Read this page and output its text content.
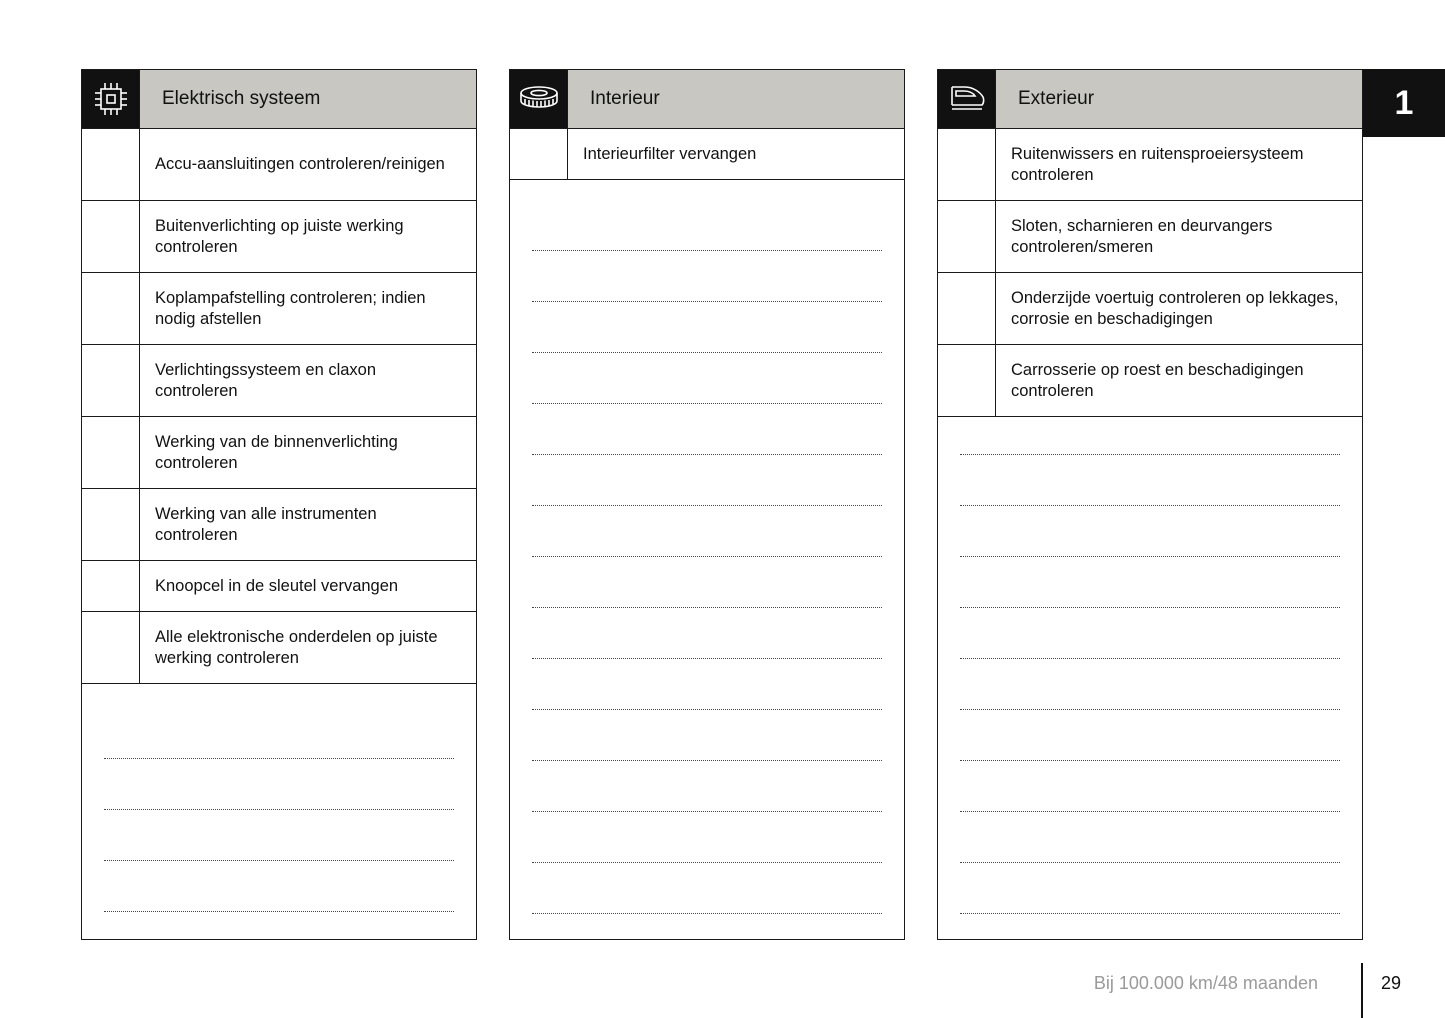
Elektrisch systeem
Accu-aansluitingen controleren/reinigen
Buitenverlichting op juiste werking controleren
Koplampafstelling controleren; indien nodig afstellen
Verlichtingssysteem en claxon controleren
Werking van de binnenverlichting controleren
Werking van alle instrumenten controleren
Knoopcel in de sleutel vervangen
Alle elektronische onderdelen op juiste werking controleren
Interieur
Interieurfilter vervangen
Exterieur
Ruitenwissers en ruitensproeiersysteem controleren
Sloten, scharnieren en deurvangers controleren/smeren
Onderzijde voertuig controleren op lekkages, corrosie en beschadigingen
Carrosserie op roest en beschadigingen controleren
1
Bij 100.000 km/48 maanden	29
